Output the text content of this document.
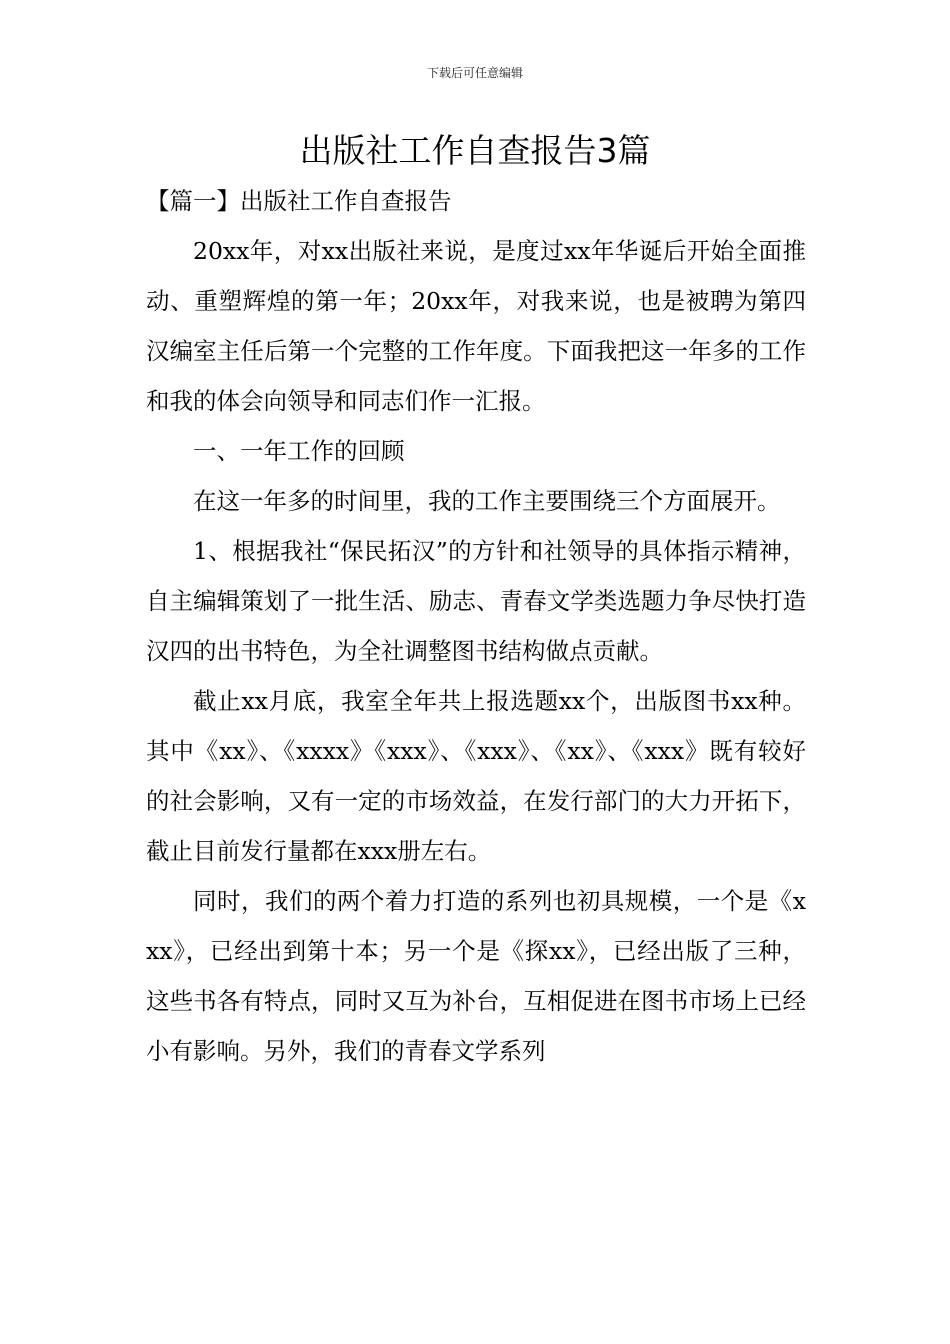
下载后可任意编辑
出版社工作自查报告3篇

【篇一】出版社工作自查报告

20xx年，对xx出版社来说，是度过xx年华诞后开始全面推动、重塑辉煌的第一年；20xx年，对我来说，也是被聘为第四汉编室主任后第一个完整的工作年度。下面我把这一年多的工作和我的体会向领导和同志们作一汇报。

一、一年工作的回顾

在这一年多的时间里，我的工作主要围绕三个方面展开。

1、根据我社“保民拓汉”的方针和社领导的具体指示精神，自主编辑策划了一批生活、励志、青春文学类选题力争尽快打造汉四的出书特色，为全社调整图书结构做点贡献。

截止xx月底，我室全年共上报选题xx个，出版图书xx种。其中《xx》、《xxxx》《xxx》、《xxx》、《xx》、《xxx》既有较好的社会影响，又有一定的市场效益，在发行部门的大力开拓下，截止目前发行量都在xxx册左右。

同时，我们的两个着力打造的系列也初具规模，一个是《xxx》，已经出到第十本；另一个是《探xx》，已经出版了三种，这些书各有特点，同时又互为补台，互相促进在图书市场上已经小有影响。另外，我们的青春文学系列
